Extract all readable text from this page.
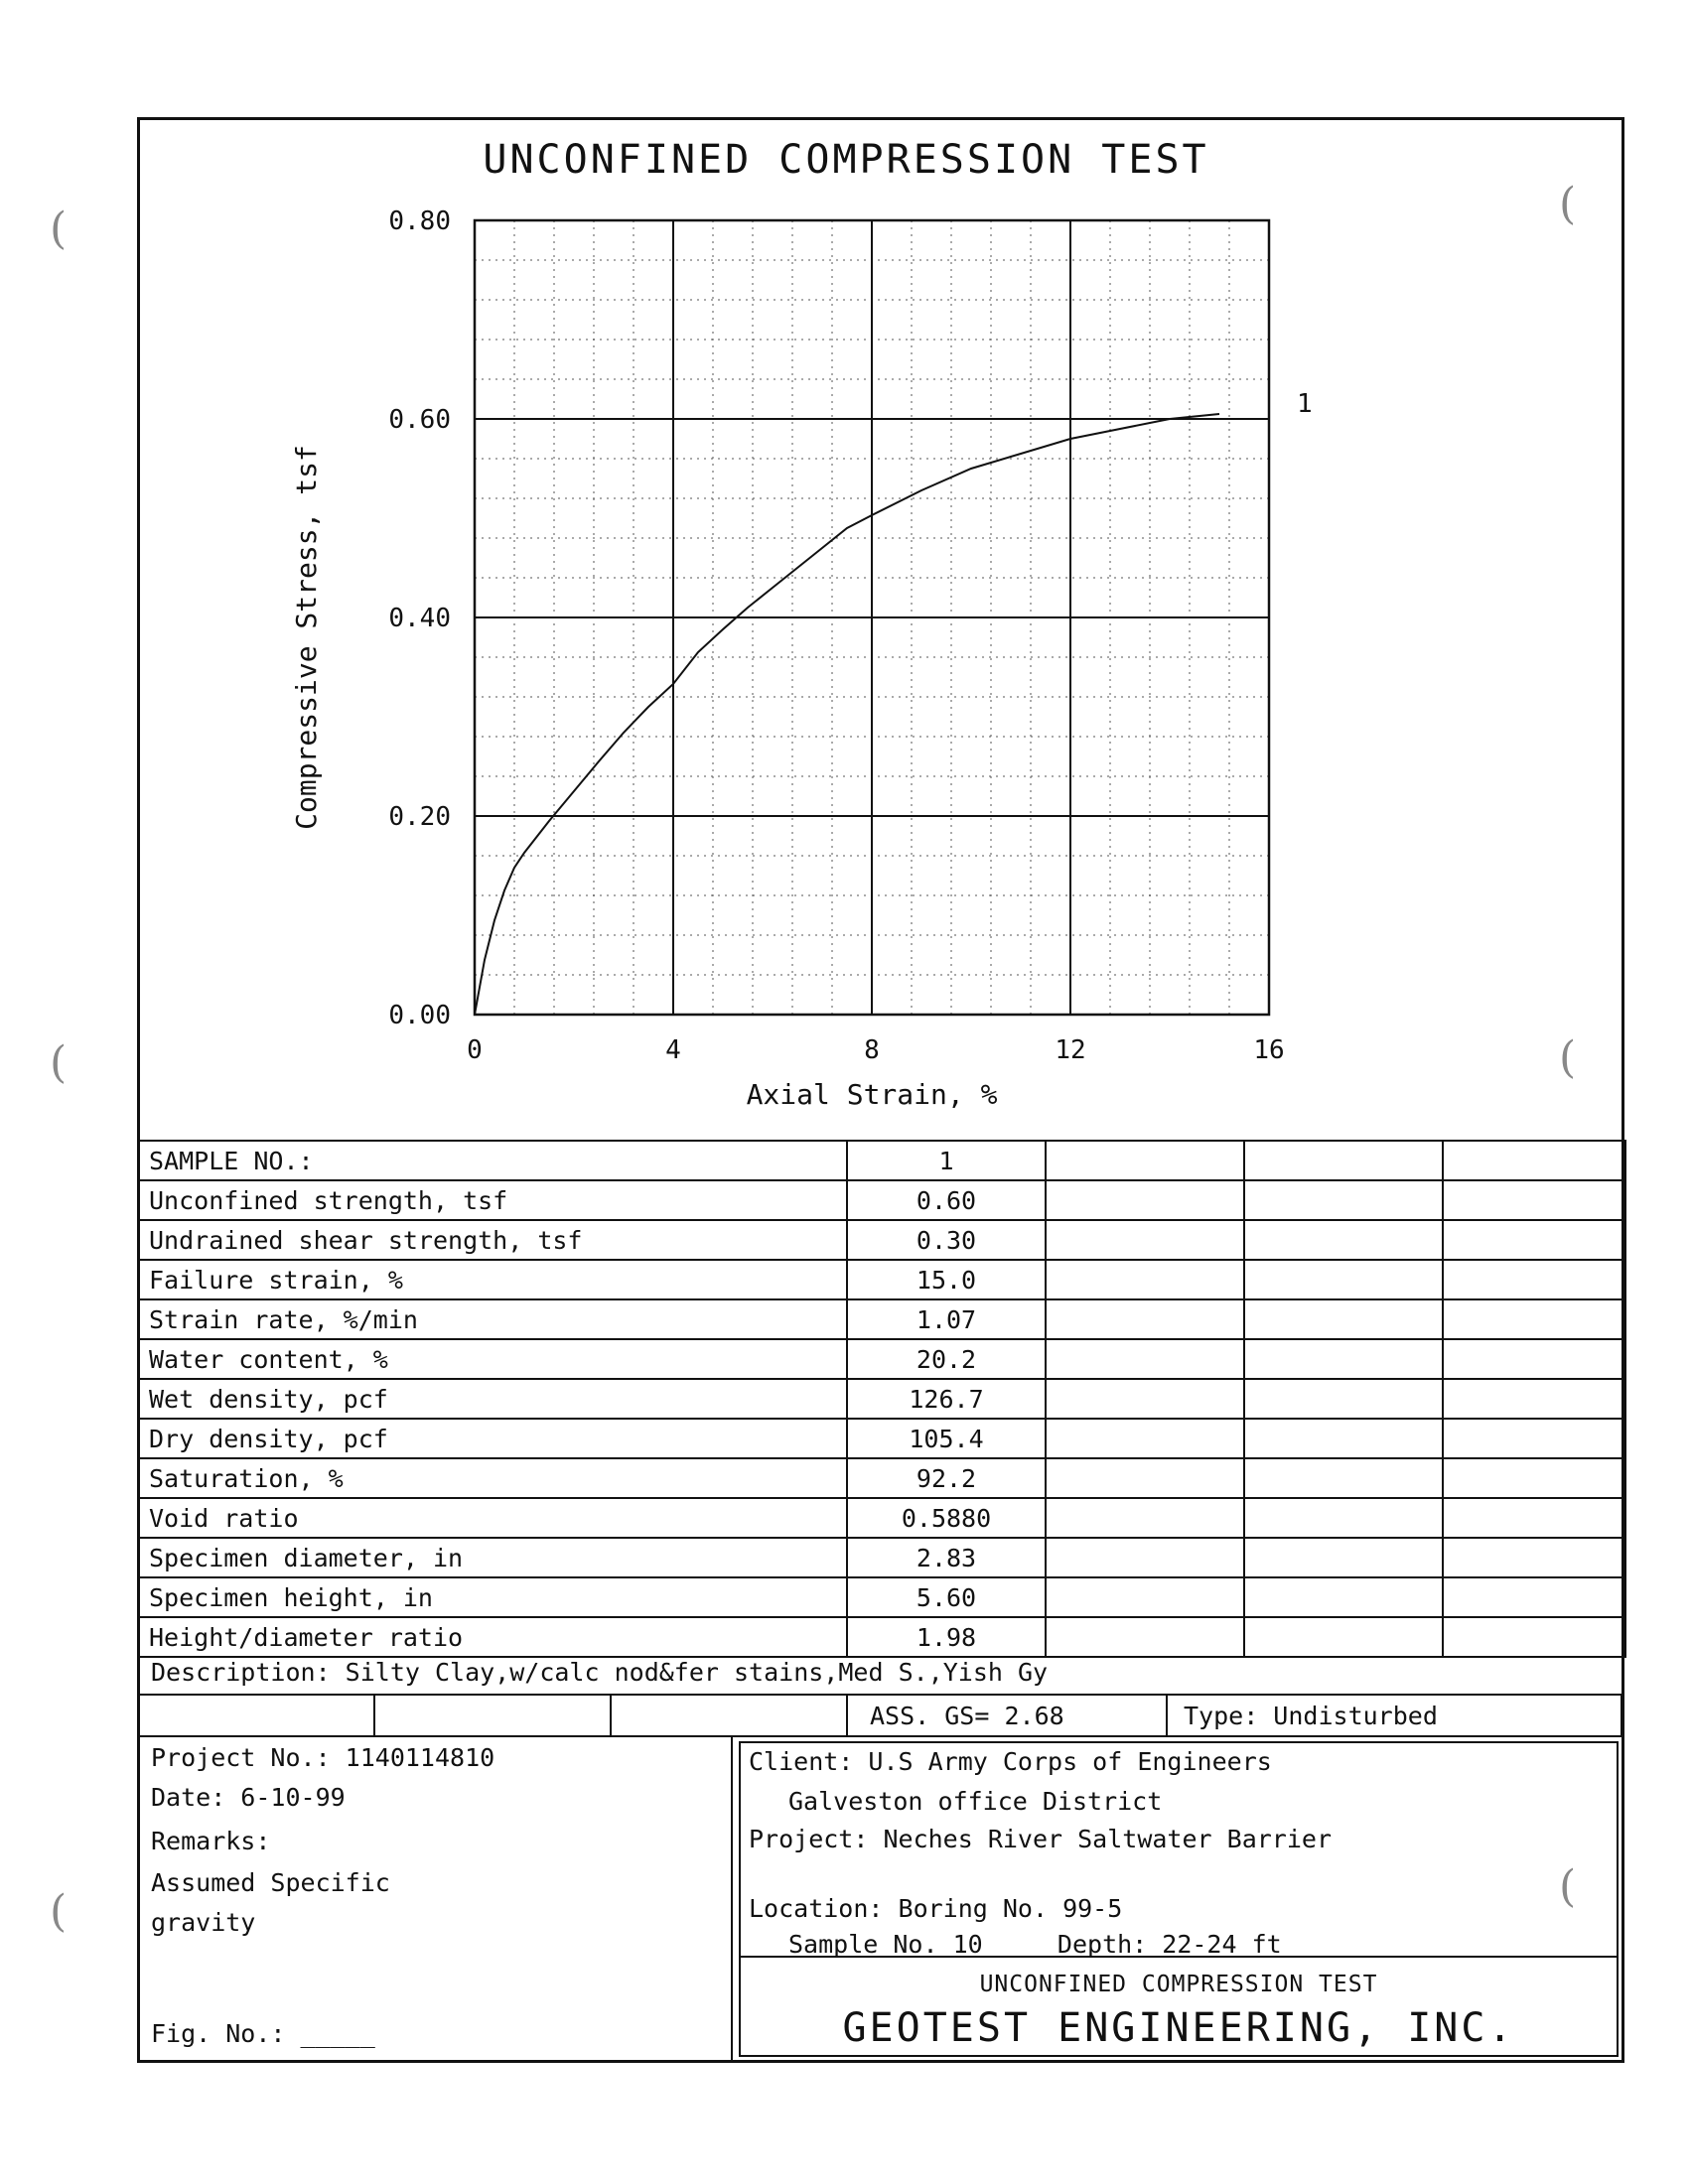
UNCONFINED COMPRESSION TEST
0	4	8	12	16
0.00
0.20
0.40
0.60
0.80
1
Axial Strain, %
Compressive Stress, tsf
SAMPLE NO.:	1			
Unconfined strength, tsf	0.60			
Undrained shear strength, tsf	0.30			
Failure strain, %	15.0			
Strain rate, %/min	1.07			
Water content, %	20.2			
Wet density, pcf	126.7			
Dry density, pcf	105.4			
Saturation, %	92.2			
Void ratio	0.5880			
Specimen diameter, in	2.83			
Specimen height, in	5.60			
Height/diameter ratio	1.98			
Description: Silty Clay,w/calc nod&fer stains,Med S.,Yish Gy
ASS. GS= 2.68	Type: Undisturbed
Project No.: 1140114810
Date: 6-10-99
Remarks:
Assumed Specific
gravity
Fig. No.: _____
Client: U.S Army Corps of Engineers
Galveston office District
Project: Neches River Saltwater Barrier
Location: Boring No. 99-5
Sample No. 10     Depth: 22-24 ft
UNCONFINED COMPRESSION TEST
GEOTEST ENGINEERING, INC.
(
(
(
(
(
(
